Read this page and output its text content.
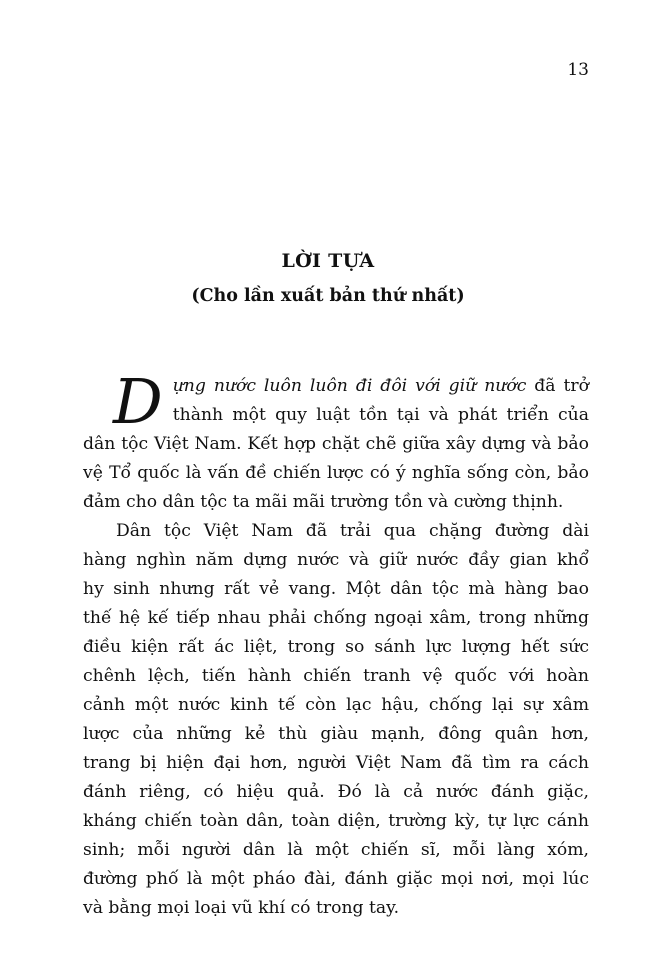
13
LỜI TỰA
(Cho lần xuất bản thứ nhất)
D ựng nước luôn luôn đi đôi với giữ nước đã trở
thành một quy luật tồn tại và phát triển của
dân tộc Việt Nam. Kết hợp chặt chẽ giữa xây dựng và bảo
vệ Tổ quốc là vấn đề chiến lược có ý nghĩa sống còn, bảo
đảm cho dân tộc ta mãi mãi trường tồn và cường thịnh.
Dân tộc Việt Nam đã trải qua chặng đường dài
hàng nghìn năm dựng nước và giữ nước đầy gian khổ
hy sinh nhưng rất vẻ vang. Một dân tộc mà hàng bao
thế hệ kế tiếp nhau phải chống ngoại xâm, trong những
điều kiện rất ác liệt, trong so sánh lực lượng hết sức
chênh lệch, tiến hành chiến tranh vệ quốc với hoàn
cảnh một nước kinh tế còn lạc hậu, chống lại sự xâm
lược của những kẻ thù giàu mạnh, đông quân hơn,
trang bị hiện đại hơn, người Việt Nam đã tìm ra cách
đánh riêng, có hiệu quả. Đó là cả nước đánh giặc,
kháng chiến toàn dân, toàn diện, trường kỳ, tự lực cánh
sinh; mỗi người dân là một chiến sĩ, mỗi làng xóm,
đường phố là một pháo đài, đánh giặc mọi nơi, mọi lúc
và bằng mọi loại vũ khí có trong tay.
